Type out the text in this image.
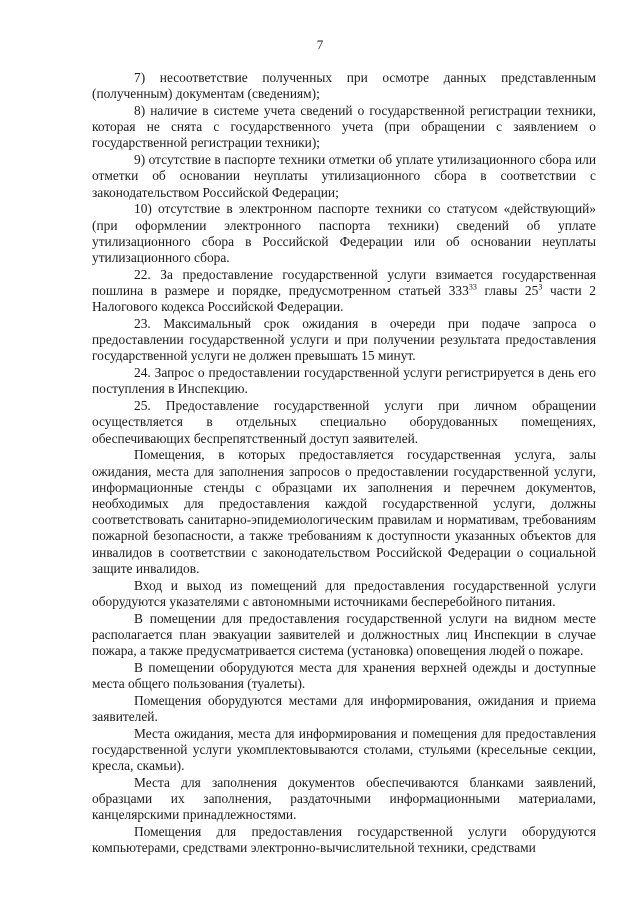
7

7) несоответствие полученных при осмотре данных представленным (полученным) документам (сведениям);

8) наличие в системе учета сведений о государственной регистрации техники, которая не снята с государственного учета (при обращении с заявлением о государственной регистрации техники);

9) отсутствие в паспорте техники отметки об уплате утилизационного сбора или отметки об основании неуплаты утилизационного сбора в соответствии с законодательством Российской Федерации;

10) отсутствие в электронном паспорте техники со статусом «действующий» (при оформлении электронного паспорта техники) сведений об уплате утилизационного сбора в Российской Федерации или об основании неуплаты утилизационного сбора.

22. За предоставление государственной услуги взимается государственная пошлина в размере и порядке, предусмотренном статьей $333^{33}$ главы $25^3$ части 2 Налогового кодекса Российской Федерации.

23. Максимальный срок ожидания в очереди при подаче запроса о предоставлении государственной услуги и при получении результата предоставления государственной услуги не должен превышать 15 минут.

24. Запрос о предоставлении государственной услуги регистрируется в день его поступления в Инспекцию.

25. Предоставление государственной услуги при личном обращении осуществляется в отдельных специально оборудованных помещениях, обеспечивающих беспрепятственный доступ заявителей.

Помещения, в которых предоставляется государственная услуга, залы ожидания, места для заполнения запросов о предоставлении государственной услуги, информационные стенды с образцами их заполнения и перечнем документов, необходимых для предоставления каждой государственной услуги, должны соответствовать санитарно-эпидемиологическим правилам и нормативам, требованиям пожарной безопасности, а также требованиям к доступности указанных объектов для инвалидов в соответствии с законодательством Российской Федерации о социальной защите инвалидов.

Вход и выход из помещений для предоставления государственной услуги оборудуются указателями с автономными источниками бесперебойного питания.

В помещении для предоставления государственной услуги на видном месте располагается план эвакуации заявителей и должностных лиц Инспекции в случае пожара, а также предусматривается система (установка) оповещения людей о пожаре.

В помещении оборудуются места для хранения верхней одежды и доступные места общего пользования (туалеты).

Помещения оборудуются местами для информирования, ожидания и приема заявителей.

Места ожидания, места для информирования и помещения для предоставления государственной услуги укомплектовываются столами, стульями (кресельные секции, кресла, скамьи).

Места для заполнения документов обеспечиваются бланками заявлений, образцами их заполнения, раздаточными информационными материалами, канцелярскими принадлежностями.

Помещения для предоставления государственной услуги оборудуются компьютерами, средствами электронно-вычислительной техники, средствами
